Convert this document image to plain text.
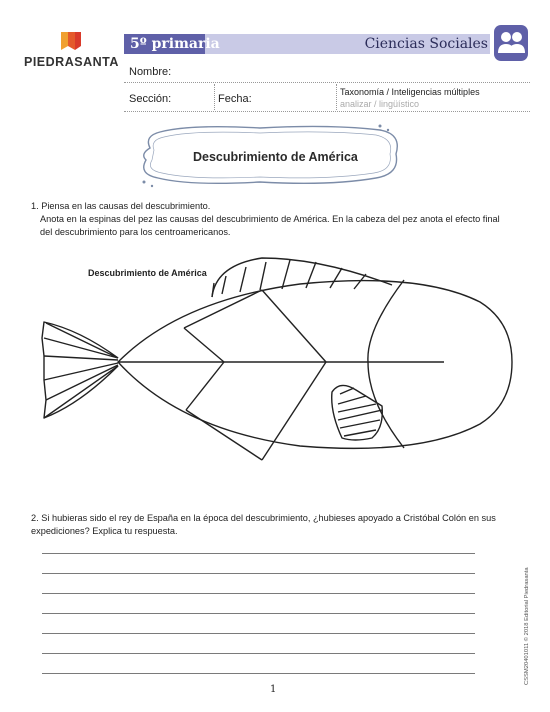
PIEDRASANTA
5º primaria	Ciencias Sociales
Nombre:
Sección:	Fecha:
Taxonomía / Inteligencias múltiples
analizar / lingüístico
Descubrimiento de América
1. Piensa en las causas del descubrimiento.
Anota en la espinas del pez las causas del descubrimiento de América. En la cabeza del pez anota el efecto final del descubrimiento para los centroamericanos.
Descubrimiento de América
2. Si hubieras sido el rey de España en la época del descubrimiento, ¿hubieses apoyado a Cristóbal Colón en sus expediciones? Explica tu respuesta.
1
CSSM20401011 © 2018 Editorial Piedrasanta
